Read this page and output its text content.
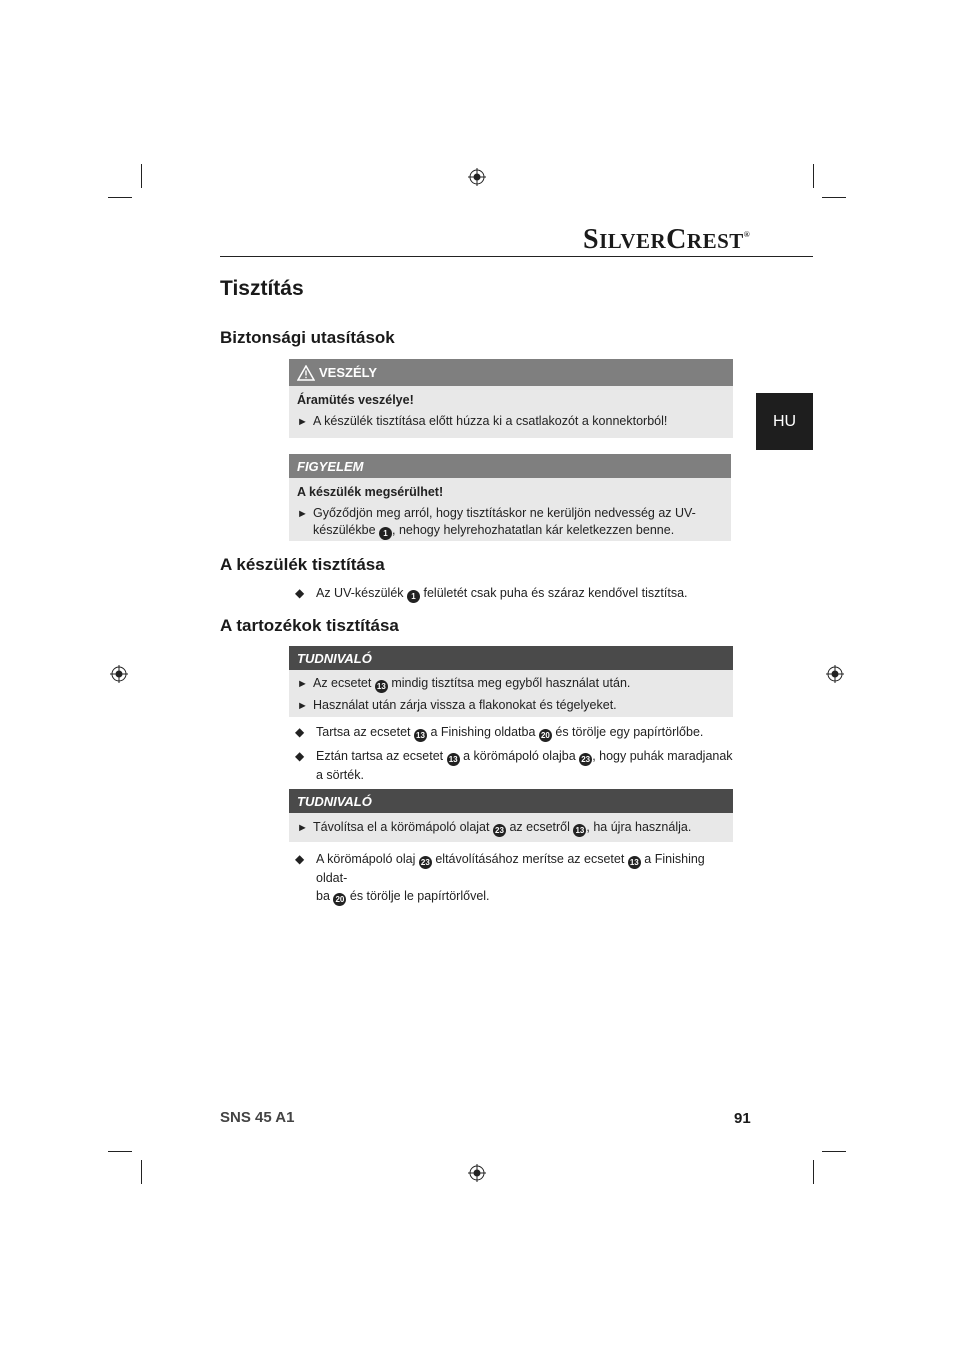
SILVERCREST®
Tisztítás
HU
Biztonsági utasítások
VESZÉLY
Áramütés veszélye!
► A készülék tisztítása előtt húzza ki a csatlakozót a konnektorból!
FIGYELEM
A készülék megsérülhet!
► Győződjön meg arról, hogy tisztításkor ne kerüljön nedvesség az UV-
készülékbe 1 , nehogy helyrehozhatatlan kár keletkezzen benne.
A készülék tisztítása
◆ Az UV-készülék 1 felületét csak puha és száraz kendővel tisztítsa.
A tartozékok tisztítása
TUDNIVALÓ
► Az ecsetet 13 mindig tisztítsa meg egyből használat után.
► Használat után zárja vissza a flakonokat és tégelyeket.
◆ Tartsa az ecsetet 13 a Finishing oldatba 20 és törölje egy papírtörlőbe.
◆ Eztán tartsa az ecsetet 13 a körömápoló olajba 23 , hogy puhák maradjanak
a sörték.
TUDNIVALÓ
► Távolítsa el a körömápoló olajat 23 az ecsetről 13 , ha újra használja.
◆ A körömápoló olaj 23 eltávolításához merítse az ecsetet 13 a Finishing oldat-
ba 20 és törölje le papírtörlővel.
SNS 45 A1	91
